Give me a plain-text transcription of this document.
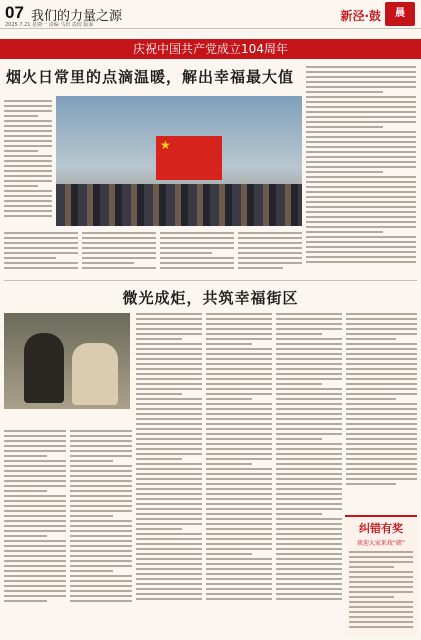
07 我们的力量之源
2025.7.21 星期一 责编 马田 责校 版面
新泾·鼓	晨
庆祝中国共产党成立104周年
烟火日常里的点滴温暖，解出幸福最大值
★
微光成炬，共筑幸福街区
纠错有奖
欢迎大家来找“碴”
